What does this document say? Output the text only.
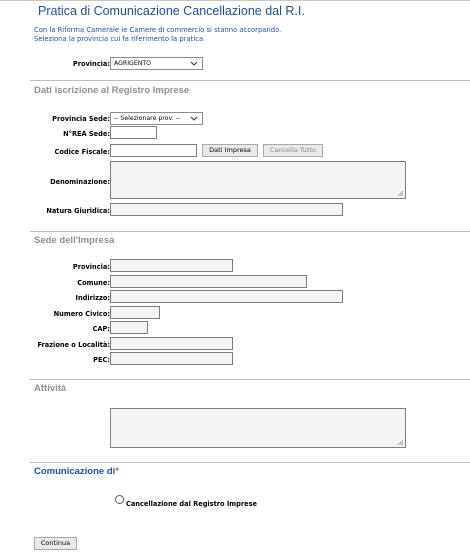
Pratica di Comunicazione Cancellazione dal R.I.
Con la Riforma Camerale le Camere di commercio si stanno accorpando.
Seleziona la provincia cui fa riferimento la pratica
Provincia: AGRIGENTO
Dati iscrizione al Registro Imprese
Provincia Sede: -- Selezionare prov. --
N°REA Sede:
Codice Fiscale:	Dati Impresa	Cancella Tutto
Denominazione:
Natura Giuridica:
Sede dell'Impresa
Provincia:
Comune:
Indirizzo:
Numero Civico:
CAP:
Frazione o Località:
PEC:
Attività
Comunicazione di*
Cancellazione dal Registro Imprese
Continua
